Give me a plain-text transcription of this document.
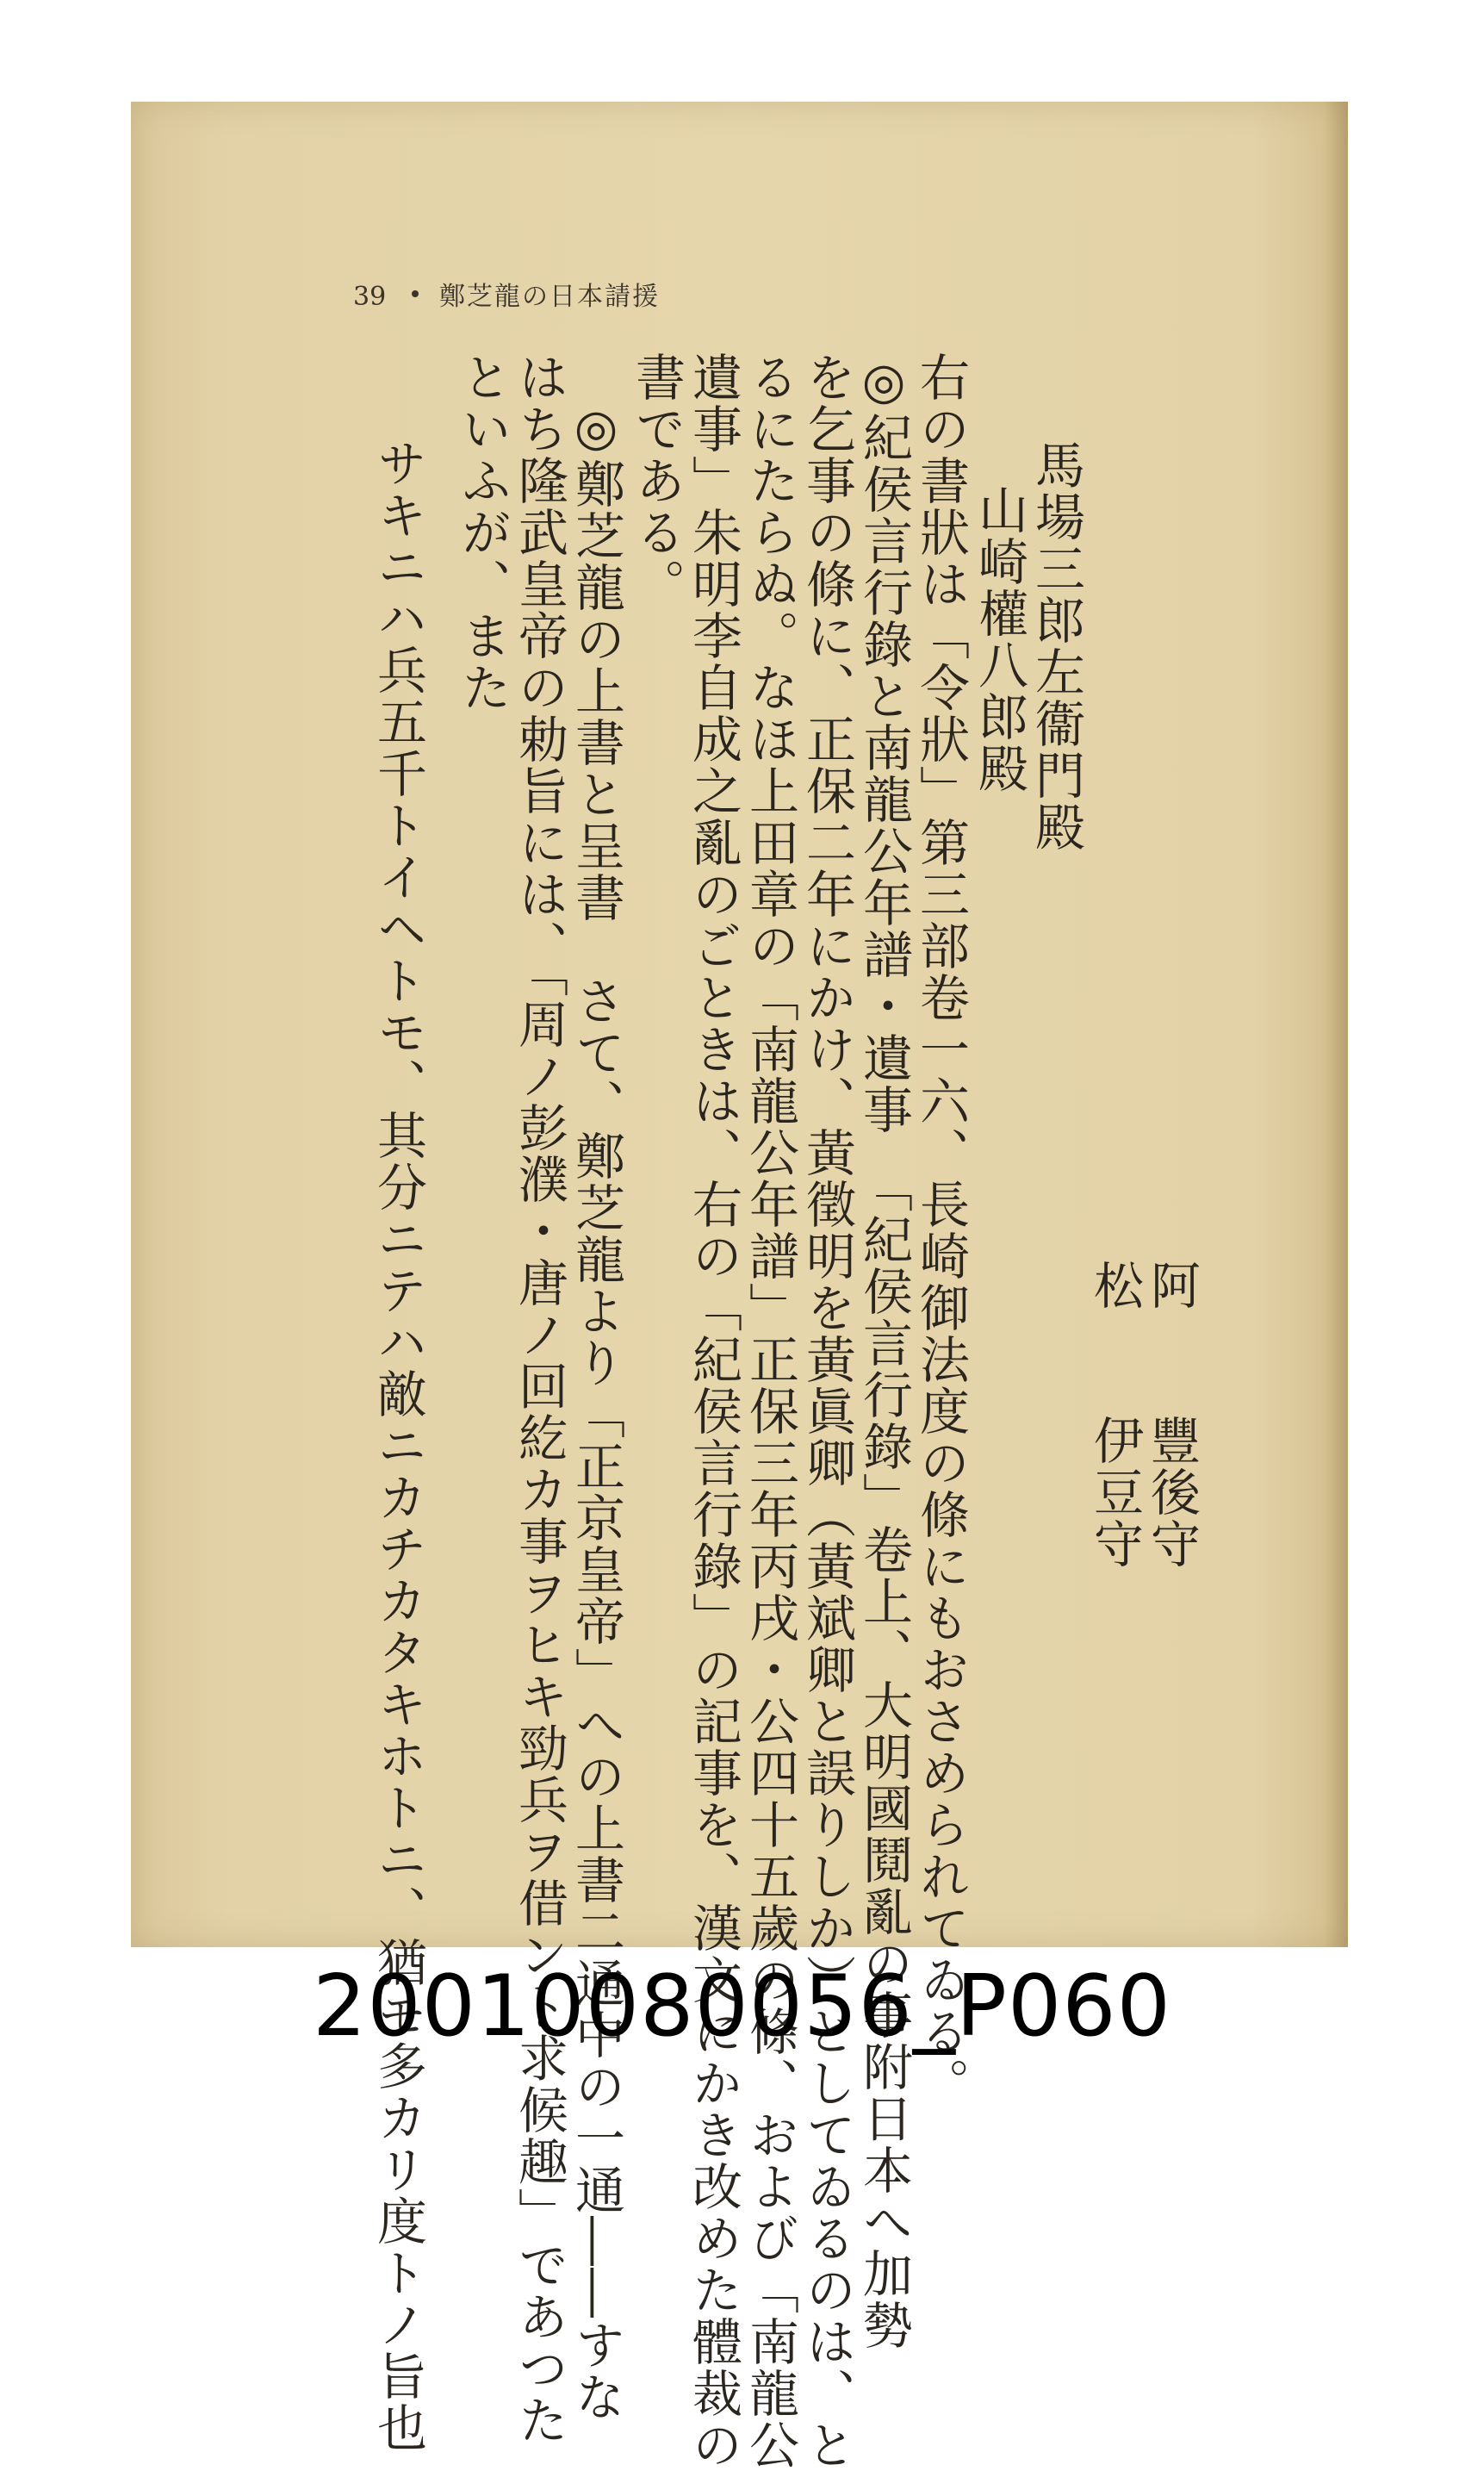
39 鄭芝龍の日本請援
阿　　豐後守
松　　伊豆守
馬場三郎左衞門殿
山崎權八郎殿
右の書狀は「令狀」第三部卷一六、長崎御法度の條にもおさめられてゐる。
◎紀侯言行錄と南龍公年譜・遺事　「紀侯言行錄」卷上、大明國鬩亂の事附日本へ加勢
を乞事の條に、正保二年にかけ、黃徵明を黃眞卿（黃斌卿と誤りしか）としてゐるのは、と
るにたらぬ。なほ上田章の「南龍公年譜」正保三年丙戌・公四十五歲の條、および「南龍公
遺事」朱明李自成之亂のごときは、右の「紀侯言行錄」の記事を、漢文にかき改めた體裁の
書である。
◎鄭芝龍の上書と呈書　さて、鄭芝龍より「正京皇帝」への上書二通中の一通――すな
はち隆武皇帝の勅旨には、「周ノ彭濮・唐ノ回紇カ事ヲヒキ勁兵ヲ借ント求候趣」であつた
といふが、また
サキニハ兵五千トイヘトモ、其分ニテハ敵ニカチカタキホトニ、猶モ多カリ度トノ旨也
20010080056_P060
